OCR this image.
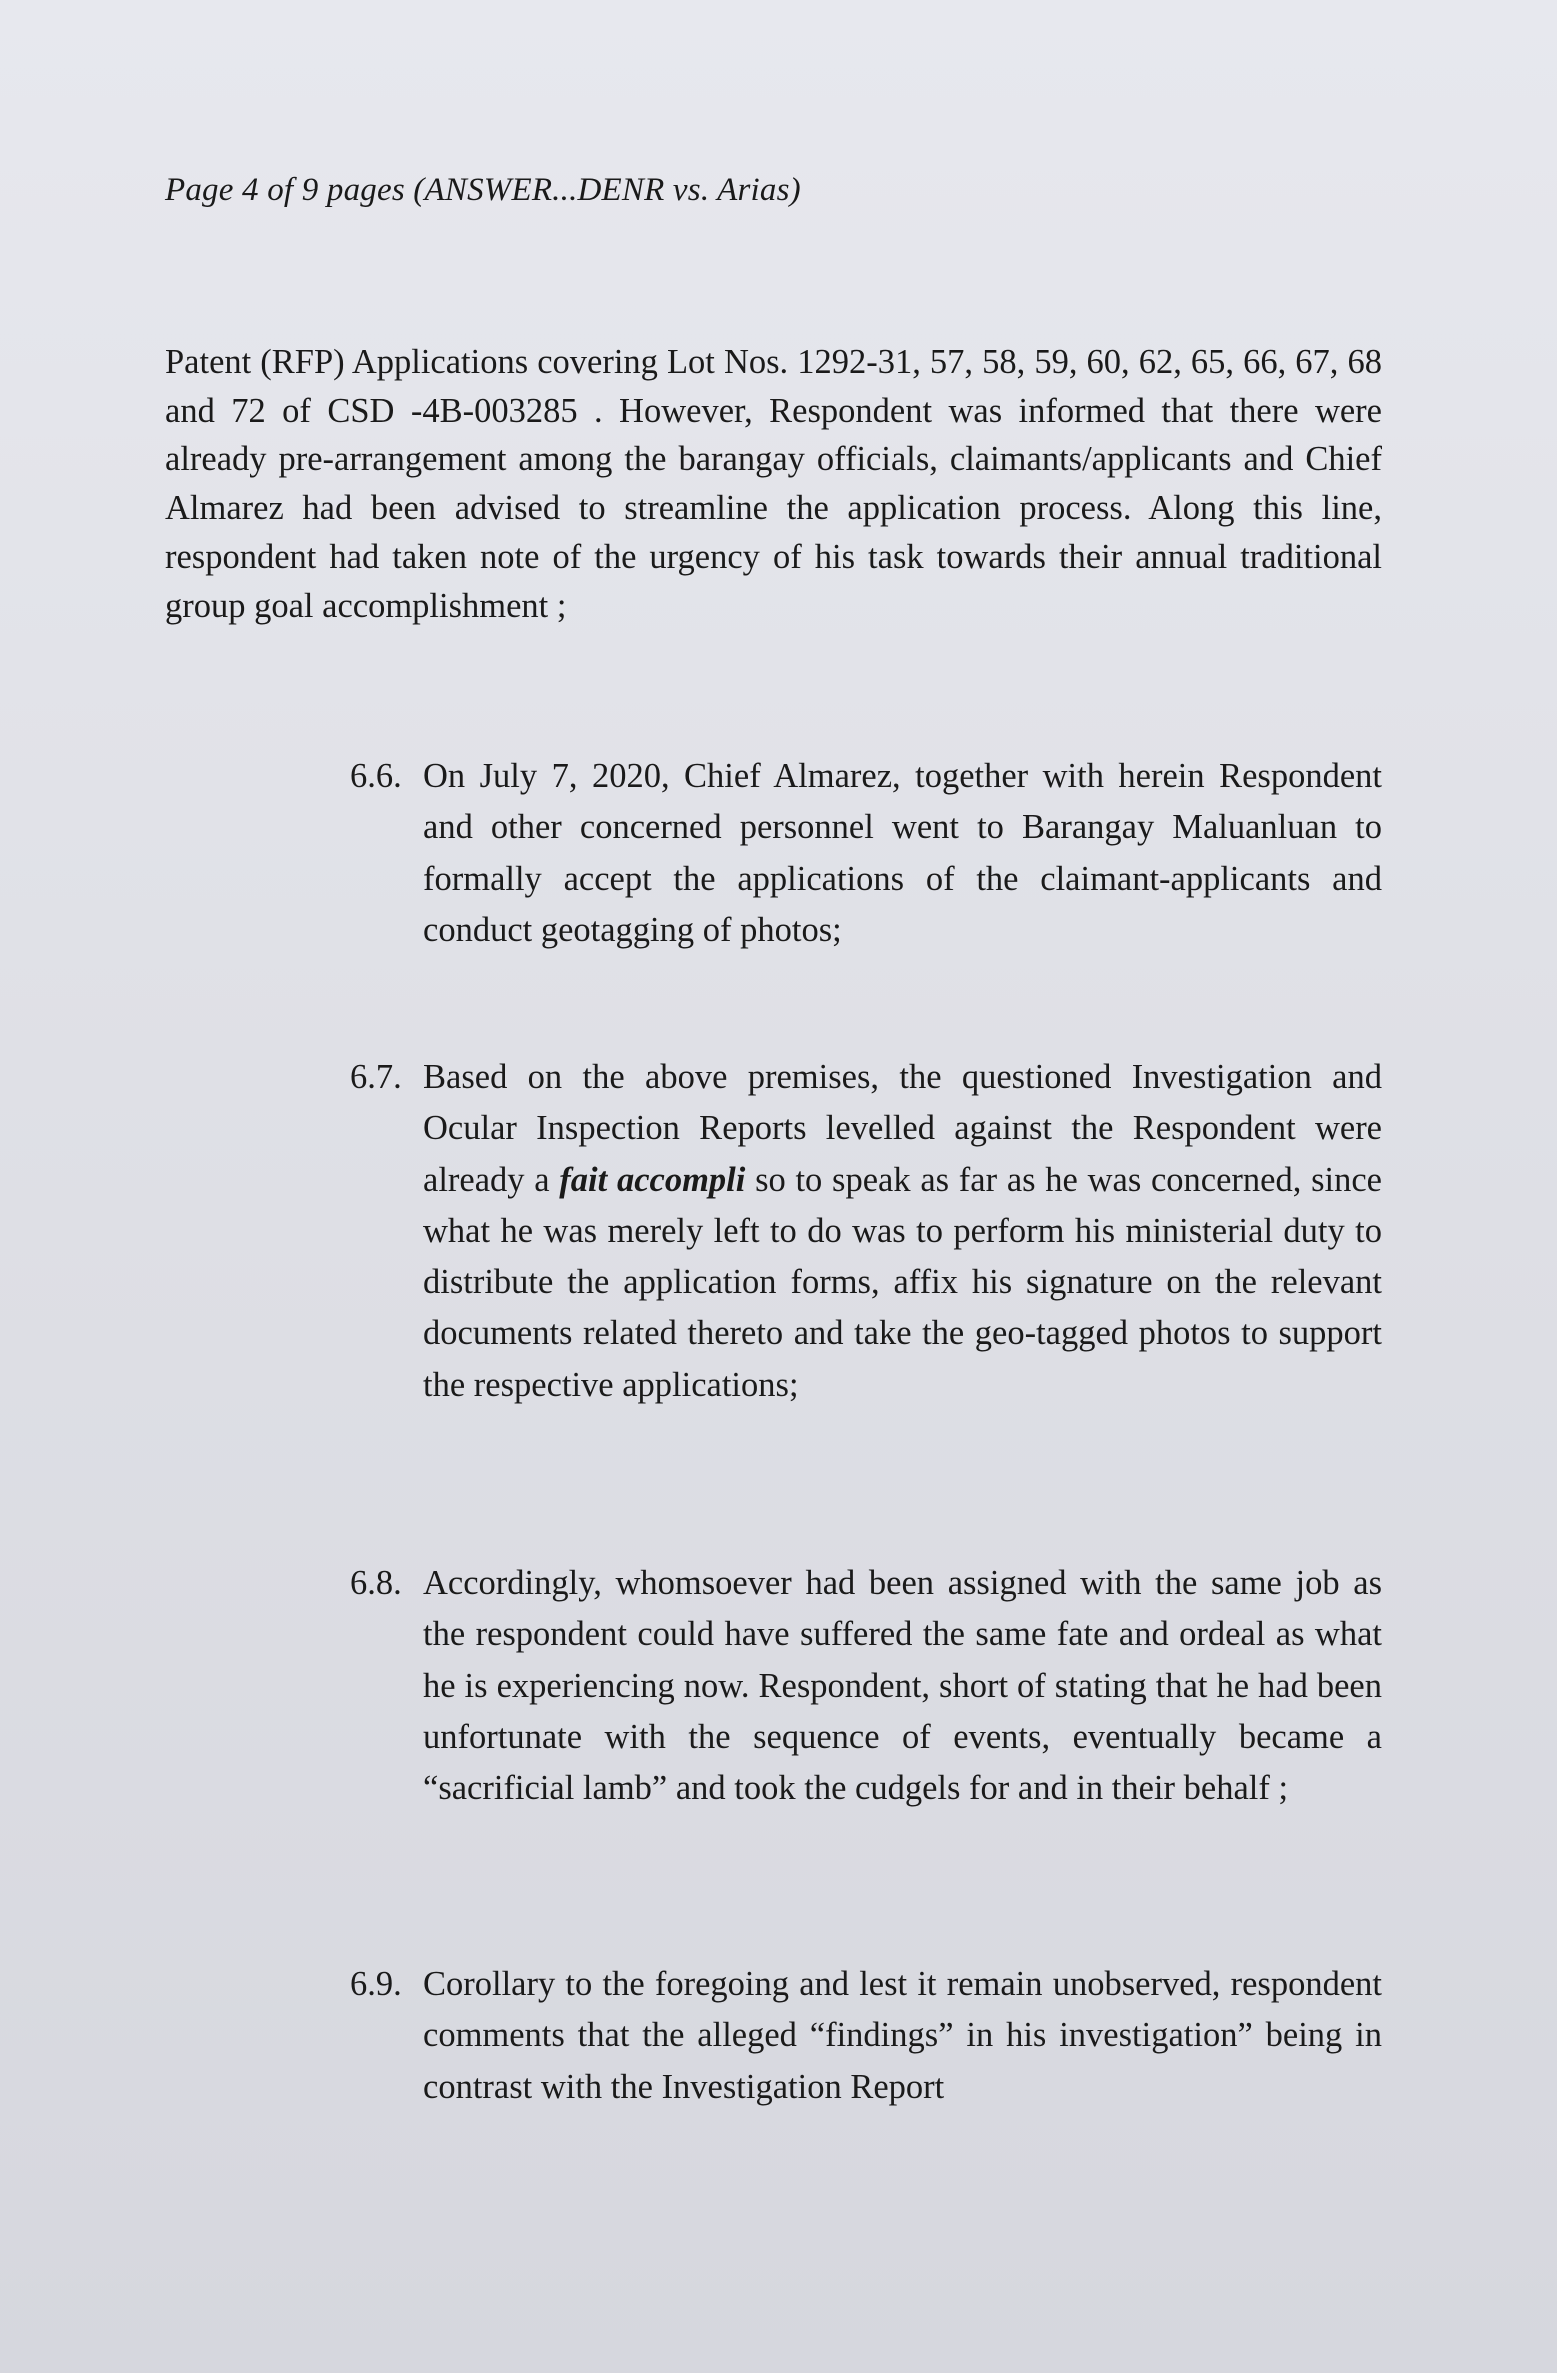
Page 4 of 9 pages (ANSWER...DENR vs. Arias)
Patent (RFP) Applications covering Lot Nos. 1292-31, 57, 58, 59, 60, 62, 65, 66, 67, 68 and 72 of CSD -4B-003285 . However, Respondent was informed that there were already pre-arrangement among the barangay officials, claimants/applicants and Chief Almarez had been advised to streamline the application process. Along this line, respondent had taken note of the urgency of his task towards their annual traditional group goal accomplishment ;
6.6. On July 7, 2020, Chief Almarez, together with herein Respondent and other concerned personnel went to Barangay Maluanluan to formally accept the applications of the claimant-applicants and conduct geotagging of photos;
6.7. Based on the above premises, the questioned Investigation and Ocular Inspection Reports levelled against the Respondent were already a fait accompli so to speak as far as he was concerned, since what he was merely left to do was to perform his ministerial duty to distribute the application forms, affix his signature on the relevant documents related thereto and take the geo-tagged photos to support the respective applications;
6.8. Accordingly, whomsoever had been assigned with the same job as the respondent could have suffered the same fate and ordeal as what he is experiencing now. Respondent, short of stating that he had been unfortunate with the sequence of events, eventually became a “sacrificial lamb” and took the cudgels for and in their behalf ;
6.9. Corollary to the foregoing and lest it remain unobserved, respondent comments that the alleged “findings” in his investigation” being in contrast with the Investigation Report
